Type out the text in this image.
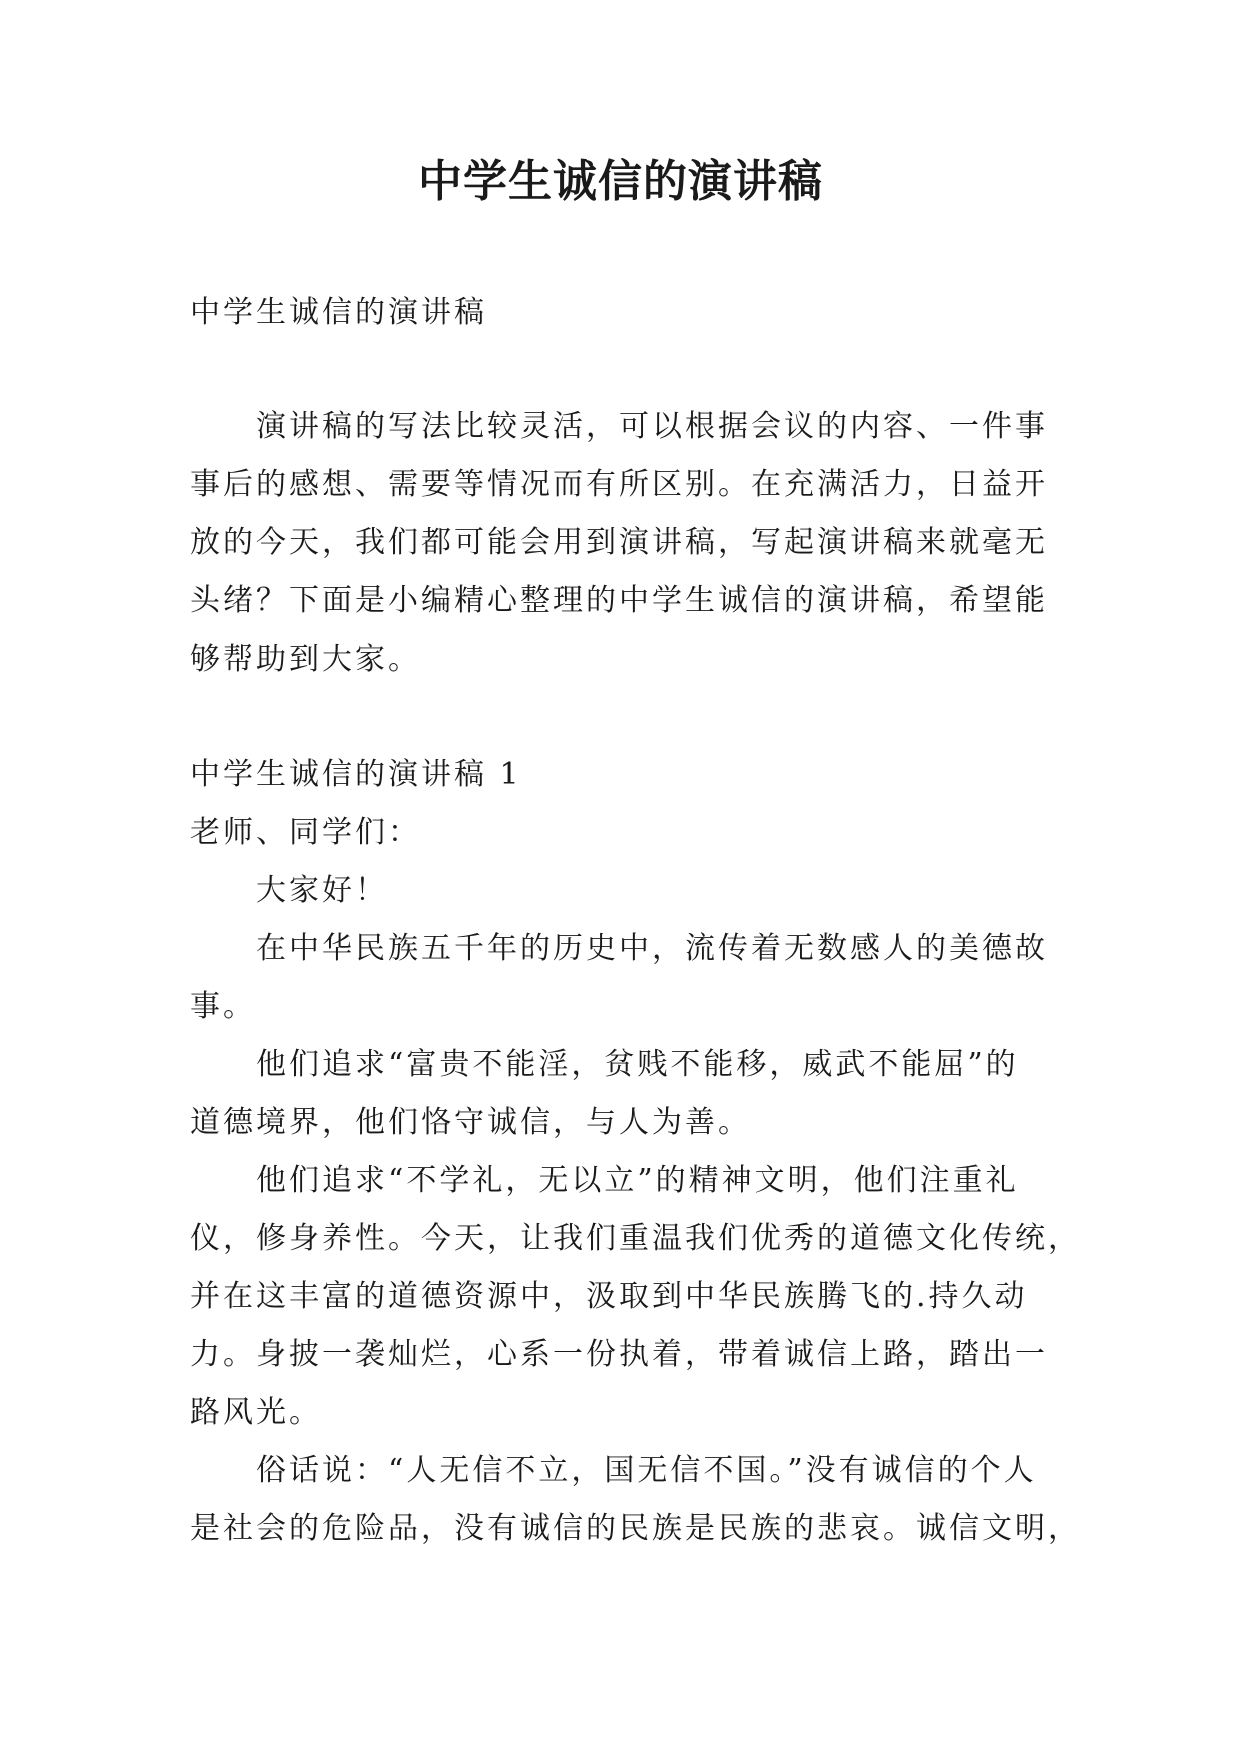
中学生诚信的演讲稿
中学生诚信的演讲稿
演讲稿的写法比较灵活，可以根据会议的内容、一件事
事后的感想、需要等情况而有所区别。在充满活力，日益开
放的今天，我们都可能会用到演讲稿，写起演讲稿来就毫无
头绪？下面是小编精心整理的中学生诚信的演讲稿，希望能
够帮助到大家。
中学生诚信的演讲稿 1
老师、同学们：
大家好！
在中华民族五千年的历史中，流传着无数感人的美德故
事。
他们追求“富贵不能淫，贫贱不能移，威武不能屈”的
道德境界，他们恪守诚信，与人为善。
他们追求“不学礼，无以立”的精神文明，他们注重礼
仪，修身养性。今天，让我们重温我们优秀的道德文化传统，
并在这丰富的道德资源中，汲取到中华民族腾飞的.持久动
力。身披一袭灿烂，心系一份执着，带着诚信上路，踏出一
路风光。
俗话说：“人无信不立，国无信不国。”没有诚信的个人
是社会的危险品，没有诚信的民族是民族的悲哀。诚信文明，
